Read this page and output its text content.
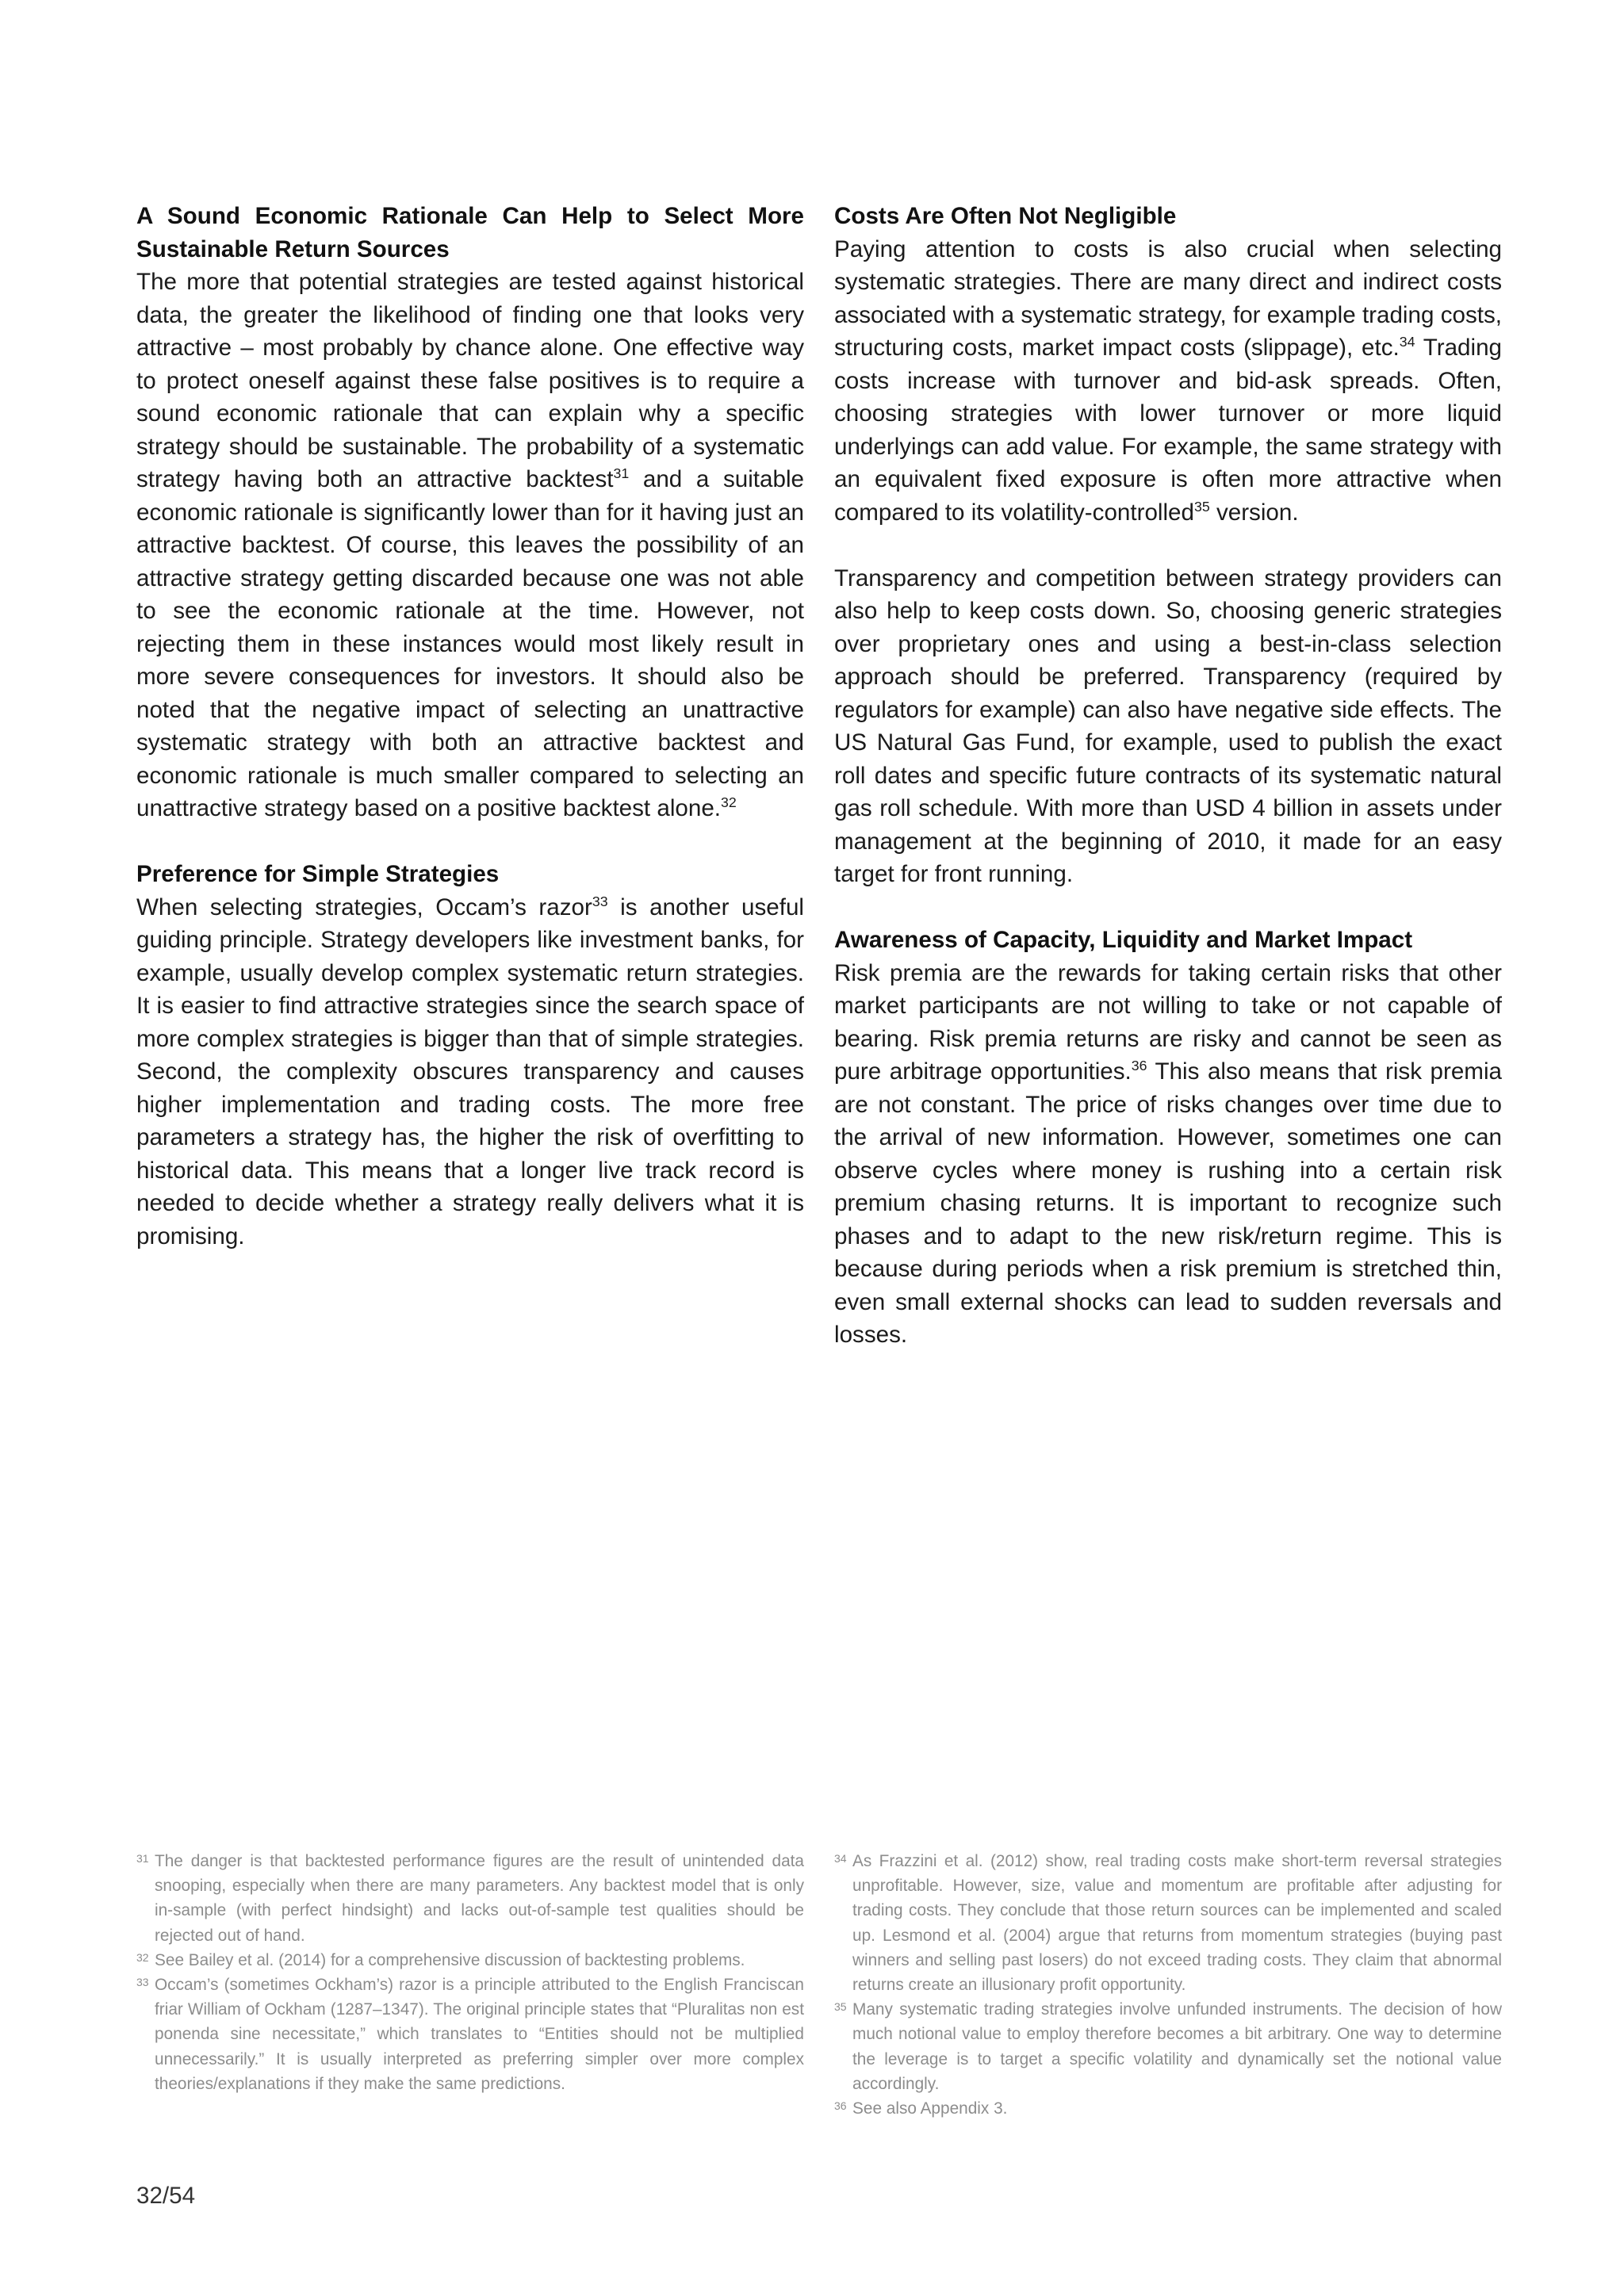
A Sound Economic Rationale Can Help to Select More Sustainable Return Sources

The more that potential strategies are tested against historical data, the greater the likelihood of finding one that looks very attractive – most probably by chance alone. One effective way to protect oneself against these false positives is to require a sound economic rationale that can explain why a specific strategy should be sustainable. The probability of a systematic strategy having both an attractive backtest$^{31}$ and a suitable economic rationale is significantly lower than for it having just an attractive backtest. Of course, this leaves the possibility of an attractive strategy getting discarded because one was not able to see the economic rationale at the time. However, not rejecting them in these instances would most likely result in more severe consequences for investors. It should also be noted that the negative impact of selecting an unattractive systematic strategy with both an attractive backtest and economic rationale is much smaller compared to selecting an unattractive strategy based on a positive backtest alone.$^{32}$

Preference for Simple Strategies

When selecting strategies, Occam’s razor$^{33}$ is another useful guiding principle. Strategy developers like investment banks, for example, usually develop complex systematic return strategies. It is easier to find attractive strategies since the search space of more complex strategies is bigger than that of simple strategies. Second, the complexity obscures transparency and causes higher implementation and trading costs. The more free parameters a strategy has, the higher the risk of overfitting to historical data. This means that a longer live track record is needed to decide whether a strategy really delivers what it is promising.

Costs Are Often Not Negligible

Paying attention to costs is also crucial when selecting systematic strategies. There are many direct and indirect costs associated with a systematic strategy, for example trading costs, structuring costs, market impact costs (slippage), etc.$^{34}$ Trading costs increase with turnover and bid-ask spreads. Often, choosing strategies with lower turnover or more liquid underlyings can add value. For example, the same strategy with an equivalent fixed exposure is often more attractive when compared to its volatility-controlled$^{35}$ version.

Transparency and competition between strategy providers can also help to keep costs down. So, choosing generic strategies over proprietary ones and using a best-in-class selection approach should be preferred. Transparency (required by regulators for example) can also have negative side effects. The US Natural Gas Fund, for example, used to publish the exact roll dates and specific future contracts of its systematic natural gas roll schedule. With more than USD 4 billion in assets under management at the beginning of 2010, it made for an easy target for front running.

Awareness of Capacity, Liquidity and Market Impact

Risk premia are the rewards for taking certain risks that other market participants are not willing to take or not capable of bearing. Risk premia returns are risky and cannot be seen as pure arbitrage opportunities.$^{36}$ This also means that risk premia are not constant. The price of risks changes over time due to the arrival of new information. However, sometimes one can observe cycles where money is rushing into a certain risk premium chasing returns. It is important to recognize such phases and to adapt to the new risk/return regime. This is because during periods when a risk premium is stretched thin, even small external shocks can lead to sudden reversals and losses.

31 The danger is that backtested performance figures are the result of unintended data snooping, especially when there are many parameters. Any backtest model that is only in-sample (with perfect hindsight) and lacks out-of-sample test qualities should be rejected out of hand.

32 See Bailey et al. (2014) for a comprehensive discussion of backtesting problems.

33 Occam’s (sometimes Ockham’s) razor is a principle attributed to the English Franciscan friar William of Ockham (1287–1347). The original principle states that “Pluralitas non est ponenda sine necessitate,” which translates to “Entities should not be multiplied unnecessarily.” It is usually interpreted as preferring simpler over more complex theories/explanations if they make the same predictions.

34 As Frazzini et al. (2012) show, real trading costs make short-term reversal strategies unprofitable. However, size, value and momentum are profitable after adjusting for trading costs. They conclude that those return sources can be implemented and scaled up. Lesmond et al. (2004) argue that returns from momentum strategies (buying past winners and selling past losers) do not exceed trading costs. They claim that abnormal returns create an illusionary profit opportunity.

35 Many systematic trading strategies involve unfunded instruments. The decision of how much notional value to employ therefore becomes a bit arbitrary. One way to determine the leverage is to target a specific volatility and dynamically set the notional value accordingly.

36 See also Appendix 3.

32/54
